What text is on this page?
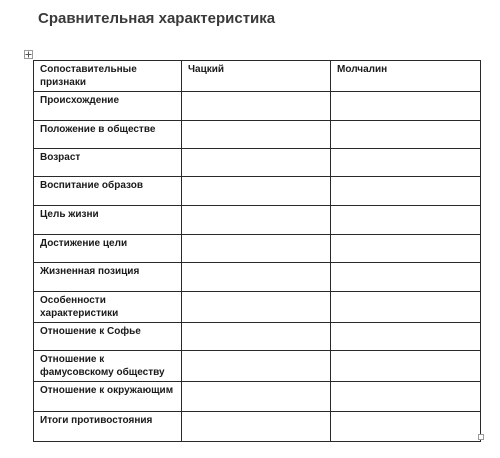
Сравнительная характеристика
Сопоставительные признаки	Чацкий	Молчалин
Происхождение		
Положение в обществе		
Возраст		
Воспитание образов		
Цель жизни		
Достижение цели		
Жизненная позиция		
Особенности характеристики		
Отношение к Софье		
Отношение к фамусовскому обществу		
Отношение к окружающим		
Итоги противостояния		
